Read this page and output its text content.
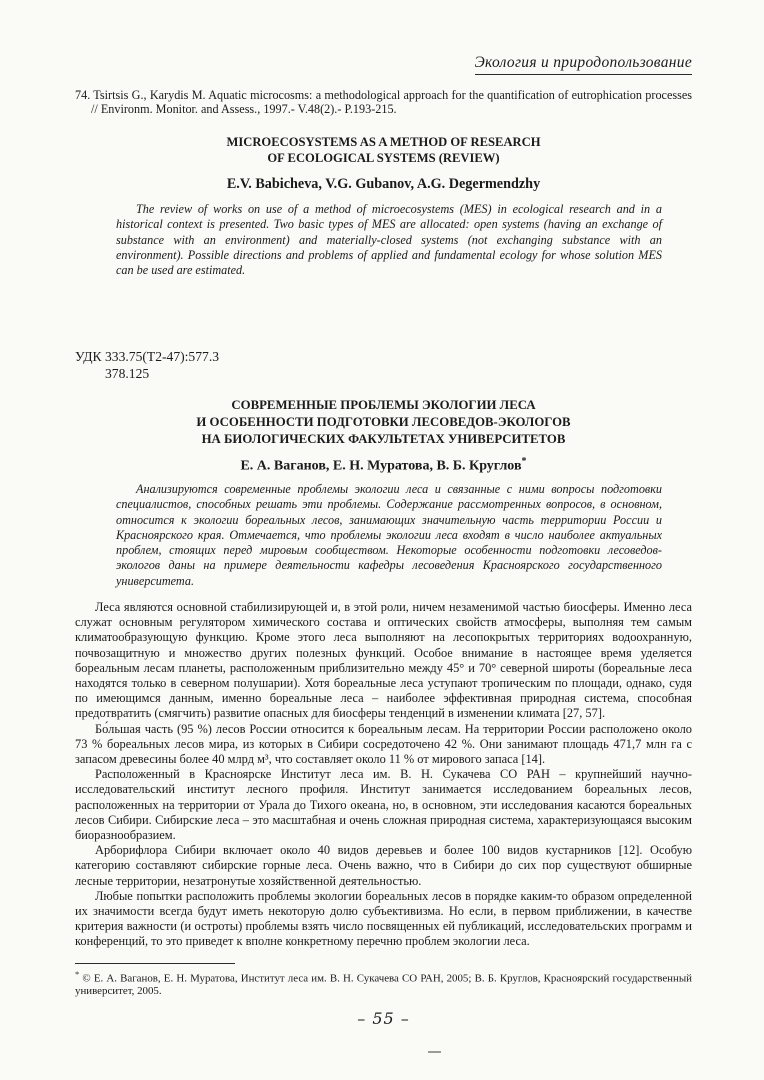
Экология и природопользование
74. Tsirtsis G., Karydis M. Aquatic microcosms: a methodological approach for the quantification of eutrophication processes // Environm. Monitor. and Assess., 1997.- V.48(2).- P.193-215.
MICROECOSYSTEMS AS A METHOD OF RESEARCH
OF ECOLOGICAL SYSTEMS (REVIEW)
E.V. Babicheva, V.G. Gubanov, A.G. Degermendzhy

The review of works on use of a method of microecosystems (MES) in ecological research and in a historical context is presented. Two basic types of MES are allocated: open systems (having an exchange of substance with an environment) and materially-closed systems (not exchanging substance with an environment). Possible directions and problems of applied and fundamental ecology for whose solution MES can be used are estimated.

УДК 333.75(Т2-47):577.3
378.125
СОВРЕМЕННЫЕ ПРОБЛЕМЫ ЭКОЛОГИИ ЛЕСА
И ОСОБЕННОСТИ ПОДГОТОВКИ ЛЕСОВЕДОВ-ЭКОЛОГОВ
НА БИОЛОГИЧЕСКИХ ФАКУЛЬТЕТАХ УНИВЕРСИТЕТОВ
Е. А. Ваганов, Е. Н. Муратова, В. Б. Круглов*

Анализируются современные проблемы экологии леса и связанные с ними вопросы подготовки специалистов, способных решать эти проблемы. Содержание рассмотренных вопросов, в основном, относится к экологии бореальных лесов, занимающих значительную часть территории России и Красноярского края. Отмечается, что проблемы экологии леса входят в число наиболее актуальных проблем, стоящих перед мировым сообществом. Некоторые особенности подготовки лесоведов-экологов даны на примере деятельности кафедры лесоведения Красноярского государственного университета.

Леса являются основной стабилизирующей и, в этой роли, ничем незаменимой частью биосферы. Именно леса служат основным регулятором химического состава и оптических свойств атмосферы, выполняя тем самым климатообразующую функцию. Кроме этого леса выполняют на лесопокрытых территориях водоохранную, почвозащитную и множество других полезных функций. Особое внимание в настоящее время уделяется бореальным лесам планеты, расположенным приблизительно между 45° и 70° северной широты (бореальные леса находятся только в северном полушарии). Хотя бореальные леса уступают тропическим по площади, однако, судя по имеющимся данным, именно бореальные леса – наиболее эффективная природная система, способная предотвратить (смягчить) развитие опасных для биосферы тенденций в изменении климата [27, 57].

Бо́льшая часть (95 %) лесов России относится к бореальным лесам. На территории России расположено около 73 % бореальных лесов мира, из которых в Сибири сосредоточено 42 %. Они занимают площадь 471,7 млн га с запасом древесины более 40 млрд м³, что составляет около 11 % от мирового запаса [14].

Расположенный в Красноярске Институт леса им. В. Н. Сукачева СО РАН – крупнейший научно-исследовательский институт лесного профиля. Институт занимается исследованием бореальных лесов, расположенных на территории от Урала до Тихого океана, но, в основном, эти исследования касаются бореальных лесов Сибири. Сибирские леса – это масштабная и очень сложная природная система, характеризующаяся высоким биоразнообразием.

Арборифлора Сибири включает около 40 видов деревьев и более 100 видов кустарников [12]. Особую категорию составляют сибирские горные леса. Очень важно, что в Сибири до сих пор существуют обширные лесные территории, незатронутые хозяйственной деятельностью.

Любые попытки расположить проблемы экологии бореальных лесов в порядке каким-то образом определенной их значимости всегда будут иметь некоторую долю субъективизма. Но если, в первом приближении, в качестве критерия важности (и остроты) проблемы взять число посвященных ей публикаций, исследовательских программ и конференций, то это приведет к вполне конкретному перечню проблем экологии леса.

* © Е. А. Ваганов, Е. Н. Муратова, Институт леса им. В. Н. Сукачева СО РАН, 2005; В. Б. Круглов, Красноярский государственный университет, 2005.
– 55 –
